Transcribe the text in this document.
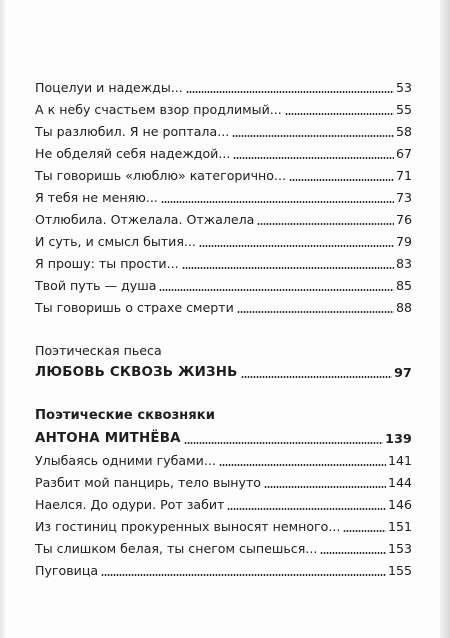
Поцелуи и надежды...	53
А к небу счастьем взор продлимый...	55
Ты разлюбил. Я не роптала...	58
Не обделяй себя надеждой...	67
Ты говоришь «люблю» категорично...	71
Я тебя не меняю...	73
Отлюбила. Отжелала. Отжалела	76
И суть, и смысл бытия...	79
Я прошу: ты прости...	83
Твой путь — душа	85
Ты говоришь о страхе смерти	88
Поэтическая пьеса
ЛЮБОВЬ СКВОЗЬ ЖИЗНЬ	97
Поэтические сквозняки
АНТОНА МИТНЁВА	139
Улыбаясь одними губами...	141
Разбит мой панцирь, тело вынуто	144
Наелся. До одури. Рот забит	146
Из гостиниц прокуренных выносят немного...	151
Ты слишком белая, ты снегом сыпешься...	153
Пуговица	155
